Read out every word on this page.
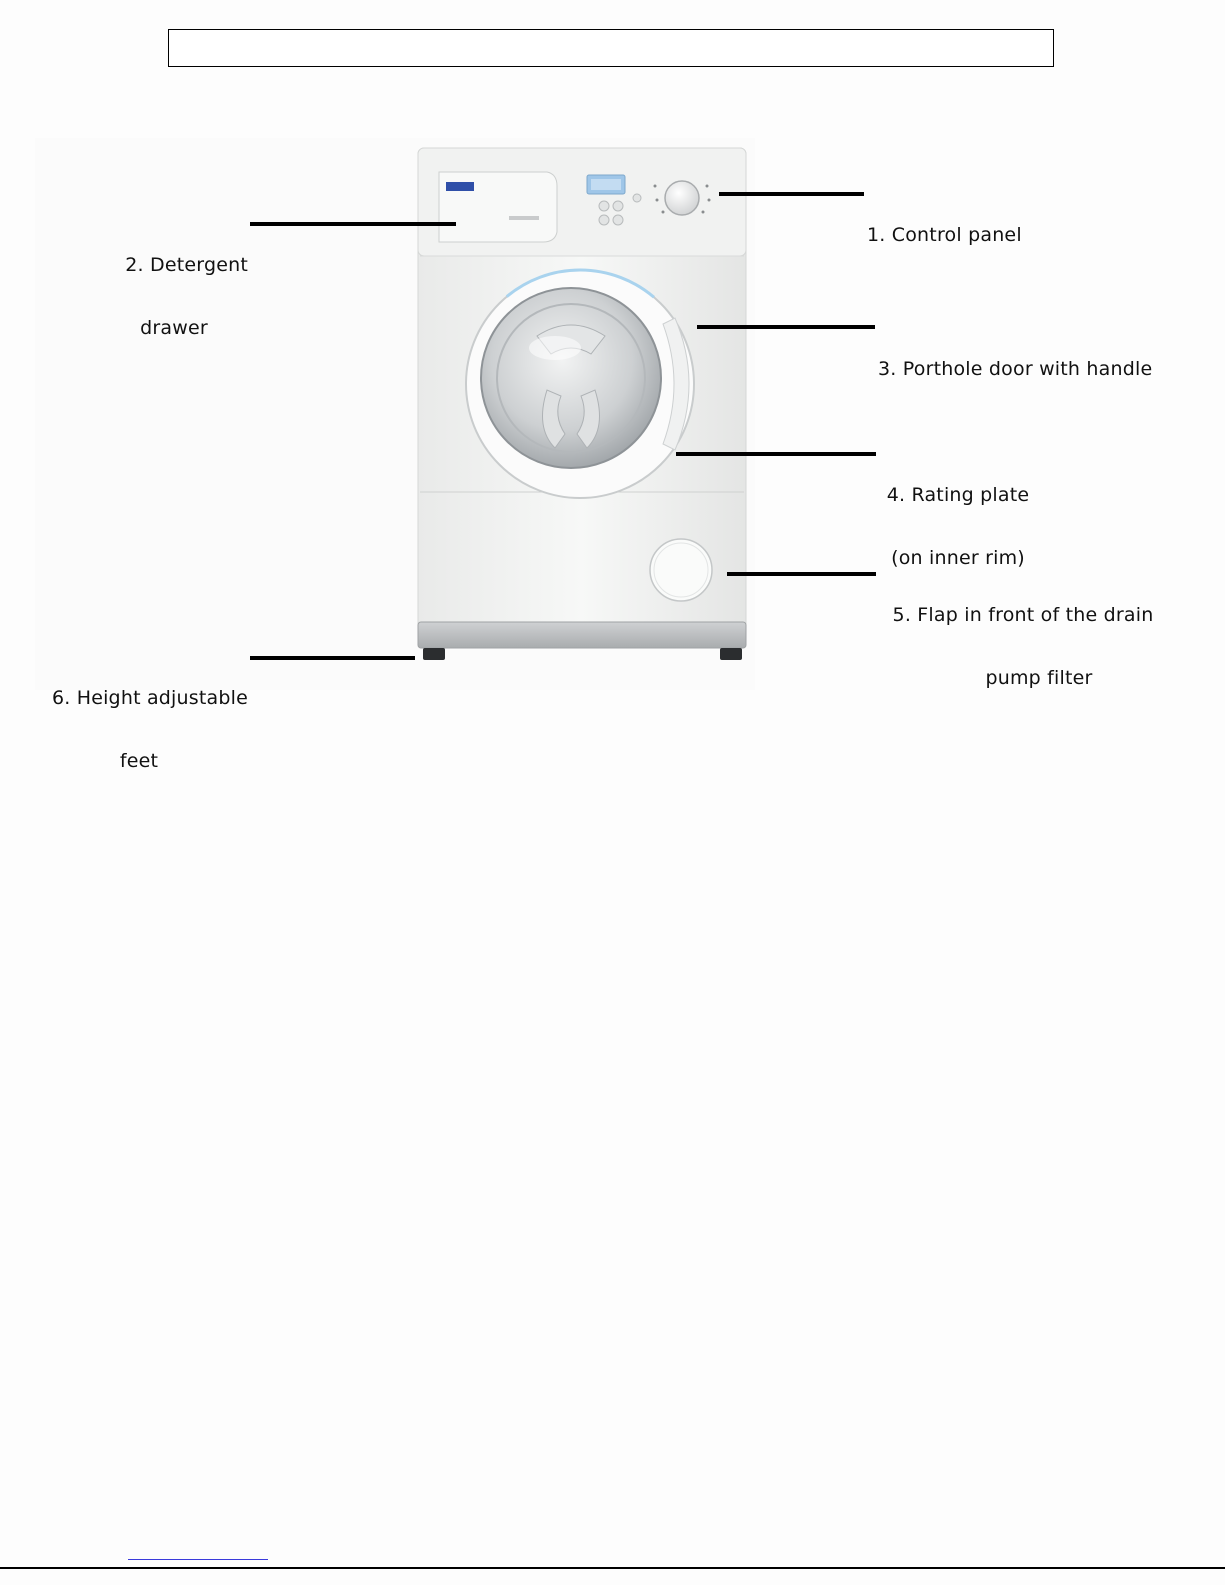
1. Control panel

2. Detergent

drawer

3. Porthole door with handle

4. Rating plate

(on inner rim)

5. Flap in front of the drain

pump filter

6. Height adjustable

feet
